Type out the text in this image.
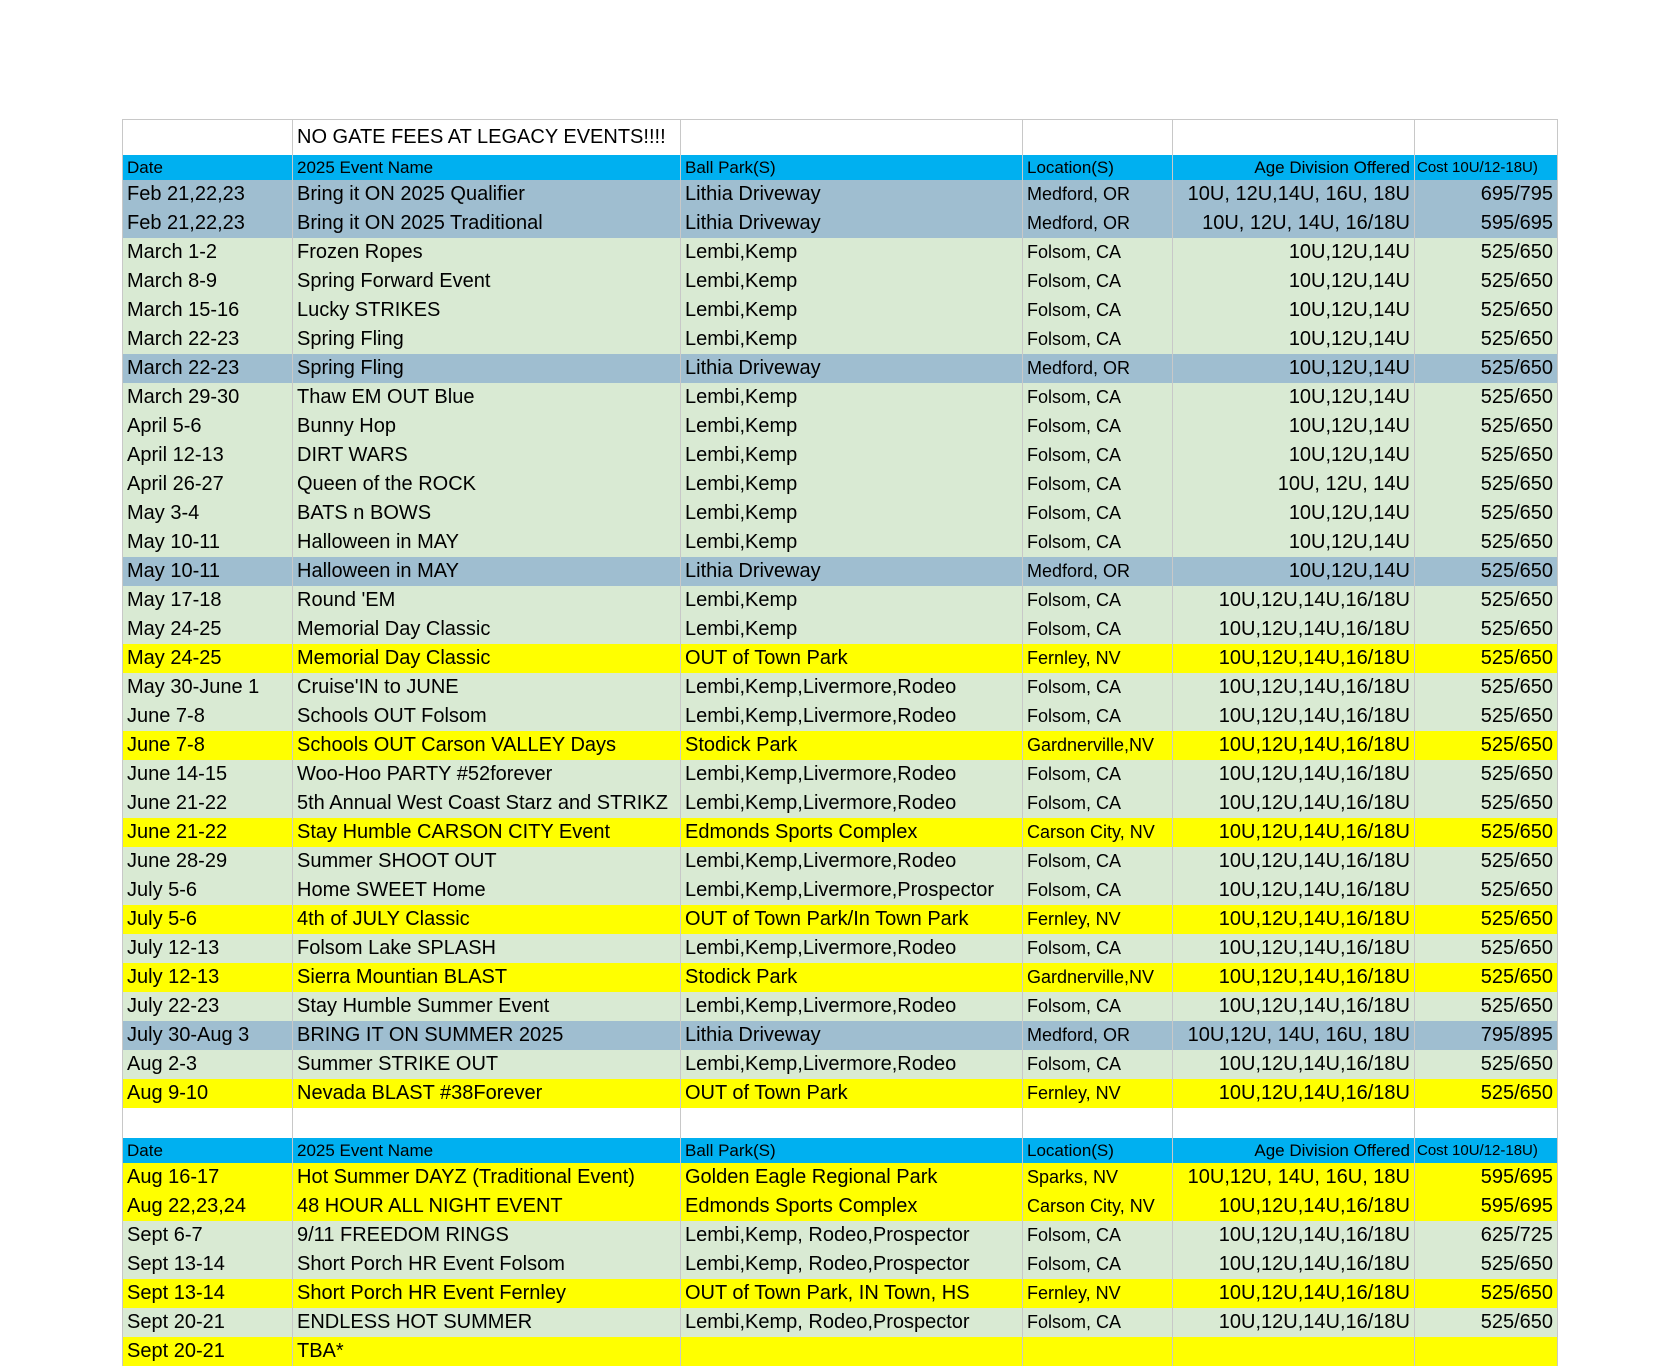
	NO GATE FEES AT LEGACY EVENTS!!!!				
Date	2025 Event Name	Ball Park(S)	Location(S)	Age Division Offered	Cost 10U/12-18U)
Feb 21,22,23	Bring it ON 2025 Qualifier	Lithia Driveway	Medford, OR	10U, 12U,14U, 16U, 18U	695/795
Feb 21,22,23	Bring it ON 2025 Traditional	Lithia Driveway	Medford, OR	10U, 12U, 14U, 16/18U	595/695
March 1-2	Frozen Ropes	Lembi,Kemp	Folsom, CA	10U,12U,14U	525/650
March 8-9	Spring Forward Event	Lembi,Kemp	Folsom, CA	10U,12U,14U	525/650
March 15-16	Lucky STRIKES	Lembi,Kemp	Folsom, CA	10U,12U,14U	525/650
March 22-23	Spring Fling	Lembi,Kemp	Folsom, CA	10U,12U,14U	525/650
March 22-23	Spring Fling	Lithia Driveway	Medford, OR	10U,12U,14U	525/650
March 29-30	Thaw EM OUT Blue	Lembi,Kemp	Folsom, CA	10U,12U,14U	525/650
April 5-6	Bunny Hop	Lembi,Kemp	Folsom, CA	10U,12U,14U	525/650
April 12-13	DIRT WARS	Lembi,Kemp	Folsom, CA	10U,12U,14U	525/650
April 26-27	Queen of the ROCK	Lembi,Kemp	Folsom, CA	10U, 12U, 14U	525/650
May 3-4	BATS n BOWS	Lembi,Kemp	Folsom, CA	10U,12U,14U	525/650
May 10-11	Halloween in MAY	Lembi,Kemp	Folsom, CA	10U,12U,14U	525/650
May 10-11	Halloween in MAY	Lithia Driveway	Medford, OR	10U,12U,14U	525/650
May 17-18	Round 'EM	Lembi,Kemp	Folsom, CA	10U,12U,14U,16/18U	525/650
May 24-25	Memorial Day Classic	Lembi,Kemp	Folsom, CA	10U,12U,14U,16/18U	525/650
May 24-25	Memorial Day Classic	OUT of Town Park	Fernley, NV	10U,12U,14U,16/18U	525/650
May 30-June 1	Cruise'IN to JUNE	Lembi,Kemp,Livermore,Rodeo	Folsom, CA	10U,12U,14U,16/18U	525/650
June 7-8	Schools OUT Folsom	Lembi,Kemp,Livermore,Rodeo	Folsom, CA	10U,12U,14U,16/18U	525/650
June 7-8	Schools OUT Carson VALLEY Days	Stodick Park	Gardnerville,NV	10U,12U,14U,16/18U	525/650
June 14-15	Woo-Hoo PARTY #52forever	Lembi,Kemp,Livermore,Rodeo	Folsom, CA	10U,12U,14U,16/18U	525/650
June 21-22	5th Annual West Coast Starz and STRIKZ	Lembi,Kemp,Livermore,Rodeo	Folsom, CA	10U,12U,14U,16/18U	525/650
June 21-22	Stay Humble CARSON CITY Event	Edmonds Sports Complex	Carson City, NV	10U,12U,14U,16/18U	525/650
June 28-29	Summer SHOOT OUT	Lembi,Kemp,Livermore,Rodeo	Folsom, CA	10U,12U,14U,16/18U	525/650
July 5-6	Home SWEET Home	Lembi,Kemp,Livermore,Prospector	Folsom, CA	10U,12U,14U,16/18U	525/650
July 5-6	4th of JULY Classic	OUT of Town Park/In Town Park	Fernley, NV	10U,12U,14U,16/18U	525/650
July 12-13	Folsom Lake SPLASH	Lembi,Kemp,Livermore,Rodeo	Folsom, CA	10U,12U,14U,16/18U	525/650
July 12-13	Sierra Mountian BLAST	Stodick Park	Gardnerville,NV	10U,12U,14U,16/18U	525/650
July 22-23	Stay Humble Summer Event	Lembi,Kemp,Livermore,Rodeo	Folsom, CA	10U,12U,14U,16/18U	525/650
July 30-Aug 3	BRING IT ON SUMMER 2025	Lithia Driveway	Medford, OR	10U,12U, 14U, 16U, 18U	795/895
Aug 2-3	Summer STRIKE OUT	Lembi,Kemp,Livermore,Rodeo	Folsom, CA	10U,12U,14U,16/18U	525/650
Aug 9-10	Nevada BLAST #38Forever	OUT of Town Park	Fernley, NV	10U,12U,14U,16/18U	525/650

Date	2025 Event Name	Ball Park(S)	Location(S)	Age Division Offered	Cost 10U/12-18U)
Aug 16-17	Hot Summer DAYZ (Traditional Event)	Golden Eagle Regional Park	Sparks, NV	10U,12U, 14U, 16U, 18U	595/695
Aug 22,23,24	48 HOUR ALL NIGHT EVENT	Edmonds Sports Complex	Carson City, NV	10U,12U,14U,16/18U	595/695
Sept 6-7	9/11 FREEDOM RINGS	Lembi,Kemp, Rodeo,Prospector	Folsom, CA	10U,12U,14U,16/18U	625/725
Sept 13-14	Short Porch HR Event Folsom	Lembi,Kemp, Rodeo,Prospector	Folsom, CA	10U,12U,14U,16/18U	525/650
Sept 13-14	Short Porch HR Event Fernley	OUT of Town Park, IN Town, HS	Fernley, NV	10U,12U,14U,16/18U	525/650
Sept 20-21	ENDLESS HOT SUMMER	Lembi,Kemp, Rodeo,Prospector	Folsom, CA	10U,12U,14U,16/18U	525/650
Sept 20-21	TBA*				
